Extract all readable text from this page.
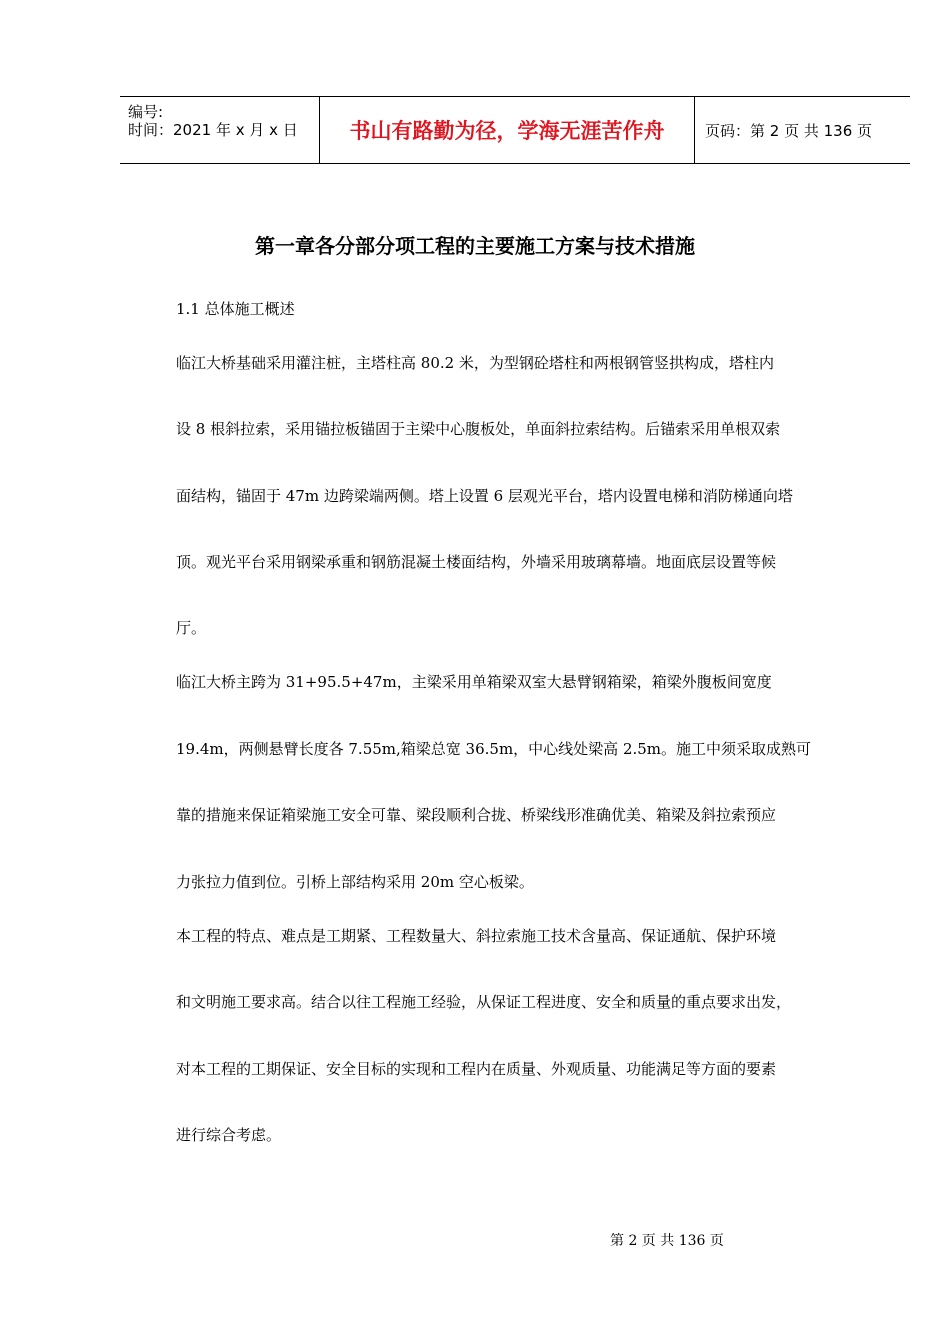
编号:
时间：2021 年 x 月 x 日	书山有路勤为径，学海无涯苦作舟	页码：第 2 页 共 136 页
第一章各分部分项工程的主要施工方案与技术措施
1.1 总体施工概述
临江大桥基础采用灌注桩，主塔柱高 80.2 米，为型钢砼塔柱和两根钢管竖拱构成，塔柱内
设 8 根斜拉索，采用锚拉板锚固于主梁中心腹板处，单面斜拉索结构。后锚索采用单根双索
面结构，锚固于 47m 边跨梁端两侧。塔上设置 6 层观光平台，塔内设置电梯和消防梯通向塔
顶。观光平台采用钢梁承重和钢筋混凝土楼面结构，外墙采用玻璃幕墙。地面底层设置等候
厅。
临江大桥主跨为 31+95.5+47m，主梁采用单箱梁双室大悬臂钢箱梁，箱梁外腹板间宽度
19.4m，两侧悬臂长度各 7.55m,箱梁总宽 36.5m，中心线处梁高 2.5m。施工中须采取成熟可
靠的措施来保证箱梁施工安全可靠、梁段顺利合拢、桥梁线形准确优美、箱梁及斜拉索预应
力张拉力值到位。引桥上部结构采用 20m 空心板梁。
本工程的特点、难点是工期紧、工程数量大、斜拉索施工技术含量高、保证通航、保护环境
和文明施工要求高。结合以往工程施工经验，从保证工程进度、安全和质量的重点要求出发，
对本工程的工期保证、安全目标的实现和工程内在质量、外观质量、功能满足等方面的要素
进行综合考虑。
第 2 页 共 136 页
